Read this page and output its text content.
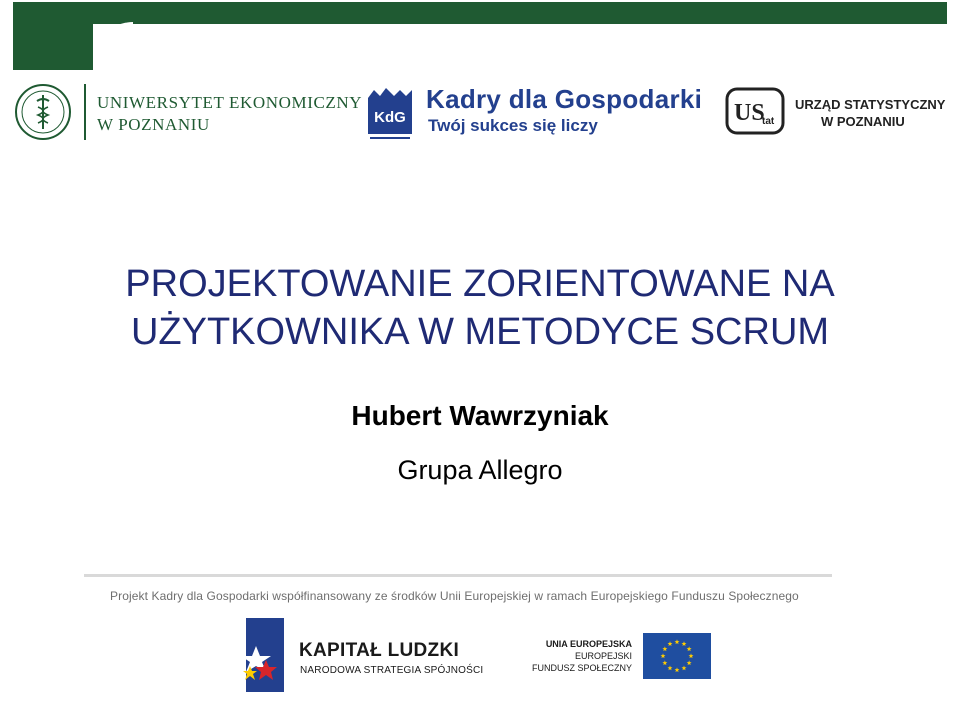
UNIWERSYTET EKONOMICZNY
W POZNANIU	KdG
Kadry dla Gospodarki
Twój sukces się liczy	US
tat
URZĄD STATYSTYCZNY
W POZNANIU
PROJEKTOWANIE ZORIENTOWANE NA
UŻYTKOWNIKA W METODYCE SCRUM
Hubert Wawrzyniak
Grupa Allegro
Projekt Kadry dla Gospodarki współfinansowany ze środków Unii Europejskiej w ramach Europejskiego Funduszu Społecznego
KAPITAŁ LUDZKI
NARODOWA STRATEGIA SPÓJNOŚCI
UNIA EUROPEJSKA
EUROPEJSKI
FUNDUSZ SPOŁECZNY
